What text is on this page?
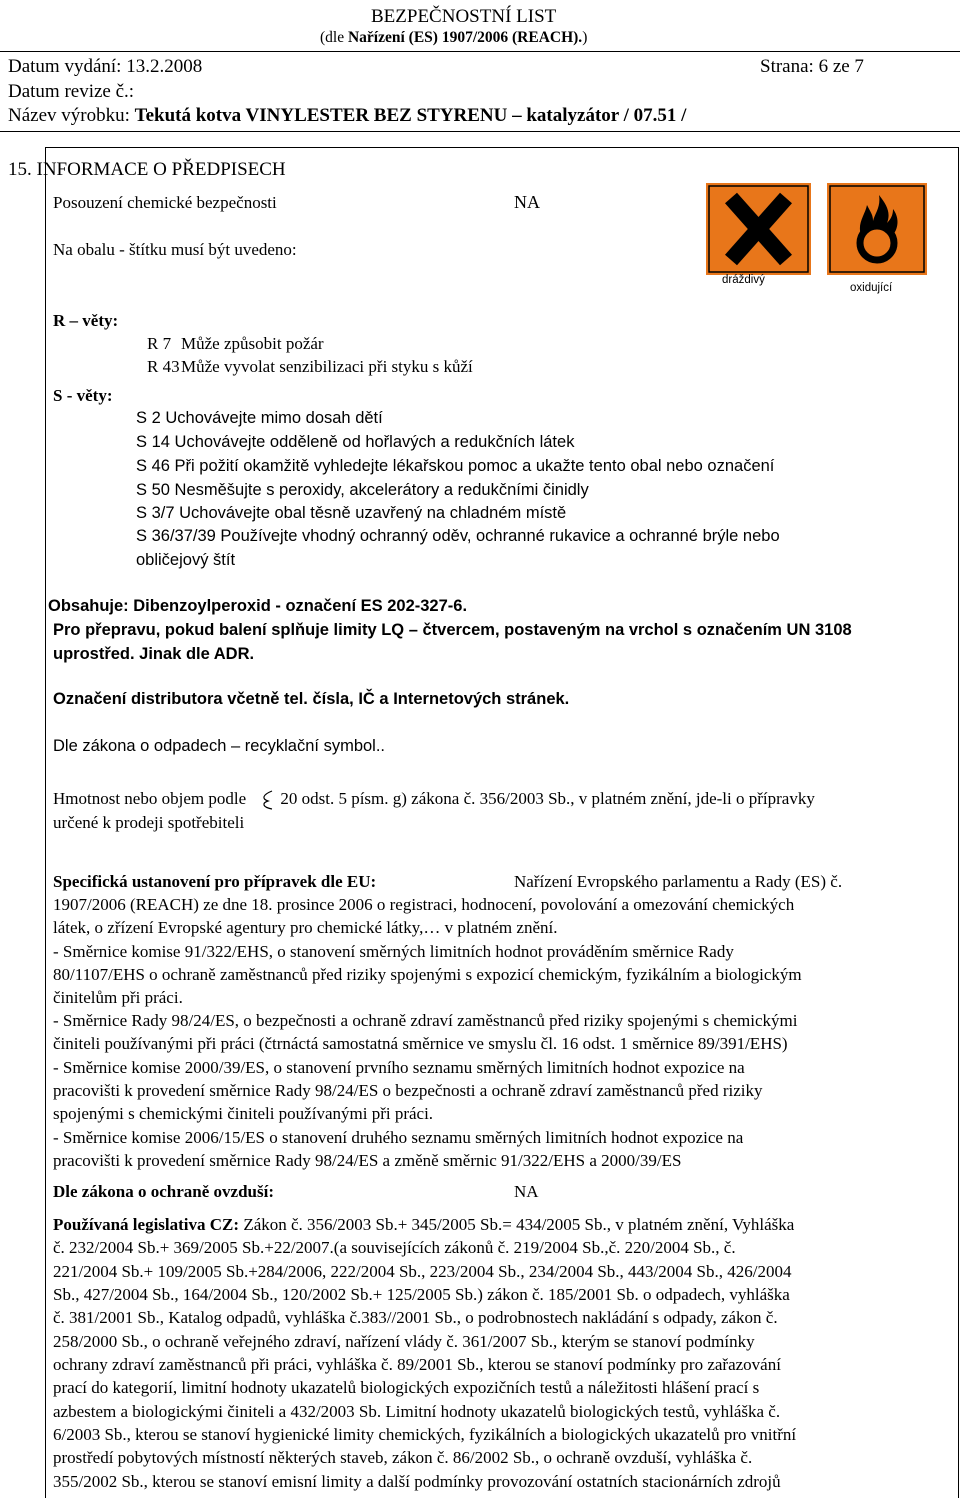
BEZPEČNOSTNÍ LIST
(dle Nařízení (ES) 1907/2006 (REACH).)
Datum vydání: 13.2.2008	Strana: 6 ze 7
Datum revize č.:
Název výrobku: Tekutá kotva VINYLESTER BEZ STYRENU – katalyzátor / 07.51 /
15. INFORMACE O PŘEDPISECH
Posouzení chemické bezpečnosti	NA
Na obalu - štítku musí být uvedeno:
dráždivý
oxidující
R – věty:
R 7 Může způsobit požár
R 43Může vyvolat senzibilizaci při styku s kůží
S - věty:
S 2 Uchovávejte mimo dosah dětí
S 14 Uchovávejte odděleně od hořlavých a redukčních látek
S 46 Při požití okamžitě vyhledejte lékařskou pomoc a ukažte tento obal nebo označení
S 50 Nesměšujte s peroxidy, akcelerátory a redukčními činidly
S 3/7 Uchovávejte obal těsně uzavřený na chladném místě
S 36/37/39 Používejte vhodný ochranný oděv, ochranné rukavice a ochranné brýle nebo
obličejový štít
Obsahuje: Dibenzoylperoxid - označení ES 202-327-6.
Pro přepravu, pokud balení splňuje limity LQ – čtvercem, postaveným na vrchol s označením UN 3108
uprostřed. Jinak dle ADR.
Označení distributora včetně tel. čísla, IČ a Internetových stránek.
Dle zákona o odpadech – recyklační symbol..
Hmotnost nebo objem podle
20 odst. 5 písm. g) zákona č. 356/2003 Sb., v platném znění, jde-li o přípravky
určené k prodeji spotřebiteli
Specifická ustanovení pro přípravek dle EU:	Nařízení Evropského parlamentu a Rady (ES) č.
1907/2006 (REACH) ze dne 18. prosince 2006 o registraci, hodnocení, povolování a omezování chemických
látek, o zřízení Evropské agentury pro chemické látky,… v platném znění.
- Směrnice komise 91/322/EHS, o stanovení směrných limitních hodnot prováděním směrnice Rady
80/1107/EHS o ochraně zaměstnanců před riziky spojenými s expozicí chemickým, fyzikálním a biologickým
činitelům při práci.
- Směrnice Rady 98/24/ES, o bezpečnosti a ochraně zdraví zaměstnanců před riziky spojenými s chemickými
činiteli používanými při práci (čtrnáctá samostatná směrnice ve smyslu čl. 16 odst. 1 směrnice 89/391/EHS)
- Směrnice komise 2000/39/ES, o stanovení prvního seznamu směrných limitních hodnot expozice na
pracovišti k provedení směrnice Rady 98/24/ES o bezpečnosti a ochraně zdraví zaměstnanců před riziky
spojenými s chemickými činiteli používanými při práci.
- Směrnice komise 2006/15/ES o stanovení druhého seznamu směrných limitních hodnot expozice na
pracovišti k provedení směrnice Rady 98/24/ES a změně směrnic 91/322/EHS a 2000/39/ES
Dle zákona o ochraně ovzduší:	NA
Používaná legislativa CZ: Zákon č. 356/2003 Sb.+ 345/2005 Sb.= 434/2005 Sb., v platném znění, Vyhláška
č. 232/2004 Sb.+ 369/2005 Sb.+22/2007.(a souvisejících zákonů č. 219/2004 Sb.,č. 220/2004 Sb., č.
221/2004 Sb.+ 109/2005 Sb.+284/2006, 222/2004 Sb., 223/2004 Sb., 234/2004 Sb., 443/2004 Sb., 426/2004
Sb., 427/2004 Sb., 164/2004 Sb., 120/2002 Sb.+ 125/2005 Sb.) zákon č. 185/2001 Sb. o odpadech, vyhláška
č. 381/2001 Sb., Katalog odpadů, vyhláška č.383//2001 Sb., o podrobnostech nakládání s odpady, zákon č.
258/2000 Sb., o ochraně veřejného zdraví, nařízení vlády č. 361/2007 Sb., kterým se stanoví podmínky
ochrany zdraví zaměstnanců při práci, vyhláška č. 89/2001 Sb., kterou se stanoví podmínky pro zařazování
prací do kategorií, limitní hodnoty ukazatelů biologických expozičních testů a náležitosti hlášení prací s
azbestem a biologickými činiteli a 432/2003 Sb. Limitní hodnoty ukazatelů biologických testů, vyhláška č.
6/2003 Sb., kterou se stanoví hygienické limity chemických, fyzikálních a biologických ukazatelů pro vnitřní
prostředí pobytových místností některých staveb, zákon č. 86/2002 Sb., o ochraně ovzduší, vyhláška č.
355/2002 Sb., kterou se stanoví emisní limity a další podmínky provozování ostatních stacionárních zdrojů
